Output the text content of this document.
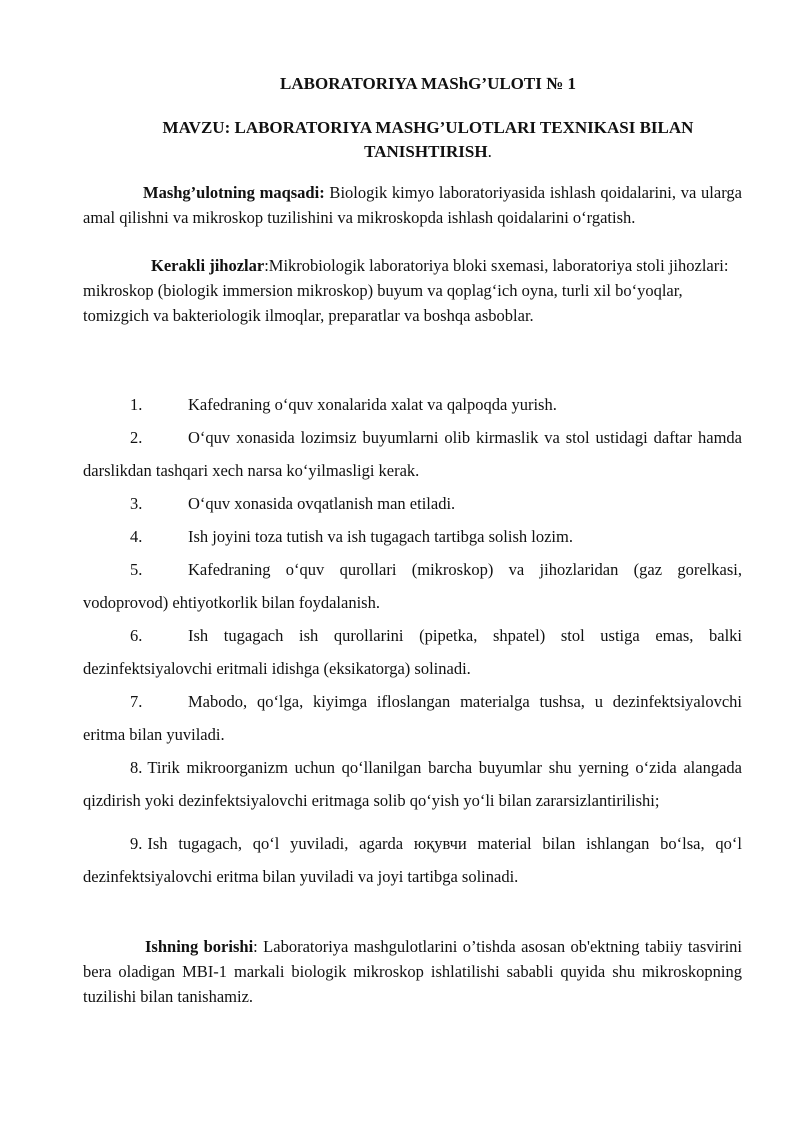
LABORATORIYA MAShG’ULOTI № 1
MAVZU: LABORATORIYA MASHG’ULOTLARI TEXNIKASI BILAN
TANISHTIRISH.
Mashg’ulotning maqsadi: Biologik kimyo laboratoriyasida ishlash qoidalarini, va ularga amal qilishni va mikroskop tuzilishini va mikroskopda ishlash qoidalarini o‘rgatish.
Kerakli jihozlar:Mikrobiologik laboratoriya bloki sxemasi, laboratoriya stoli jihozlari: mikroskop (biologik immersion mikroskop) buyum va qoplag‘ich oyna, turli xil bo‘yoqlar, tomizgich va bakteriologik ilmoqlar, preparatlar va boshqa asboblar.
1.	Kafedraning o‘quv xonalarida xalat va qalpoqda yurish.
2.	O‘quv xonasida lozimsiz buyumlarni olib kirmaslik va stol ustidagi daftar hamda darslikdan tashqari xech narsa ko‘yilmasligi kerak.
3.	O‘quv xonasida ovqatlanish man etiladi.
4.	Ish joyini toza tutish va ish tugagach tartibga solish lozim.
5.	Kafedraning o‘quv qurollari (mikroskop) va jihozlaridan (gaz gorelkasi, vodoprovod) ehtiyotkorlik bilan foydalanish.
6.	Ish tugagach ish qurollarini (pipetka, shpatel) stol ustiga emas, balki dezinfektsiyalovchi eritmali idishga (eksikatorga) solinadi.
7.	Mabodo, qo‘lga, kiyimga ifloslangan materialga tushsa, u dezinfektsiyalovchi eritma bilan yuviladi.
8. Tirik mikroorganizm uchun qo‘llanilgan barcha buyumlar shu yerning o‘zida alangada qizdirish yoki dezinfektsiyalovchi eritmaga solib qo‘yish yo‘li bilan zararsizlantirilishi;
9. Ish tugagach, qo‘l yuviladi, agarda юқувчи material bilan ishlangan bo‘lsa, qo‘l dezinfektsiyalovchi eritma bilan yuviladi va joyi tartibga solinadi.
Ishning borishi: Laboratoriya mashgulotlarini o’tishda asosan ob'ektning tabiiy tasvirini bera oladigan MBI-1 markali biologik mikroskop ishlatilishi sababli quyida shu mikroskopning tuzilishi bilan tanishamiz.
